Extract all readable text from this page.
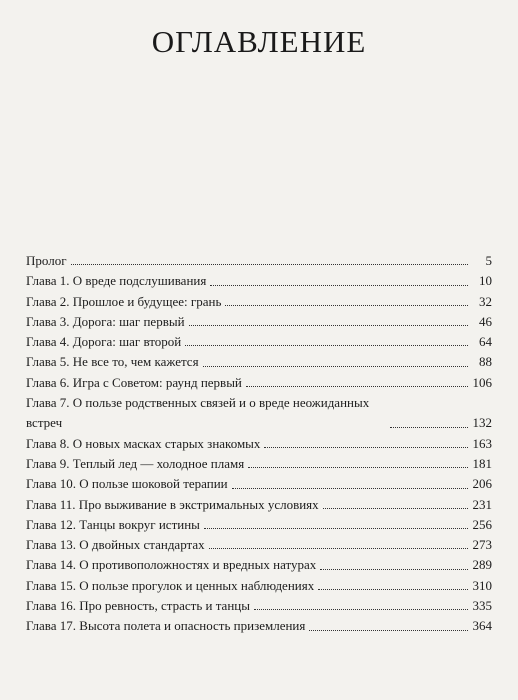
ОГЛАВЛЕНИЕ
Пролог	5
Глава 1. О вреде подслушивания	10
Глава 2. Прошлое и будущее: грань	32
Глава 3. Дорога: шаг первый	46
Глава 4. Дорога: шаг второй	64
Глава 5. Не все то, чем кажется	88
Глава 6. Игра с Советом: раунд первый	106
Глава 7. О пользе родственных связей и о вреде неожиданных встреч	132
Глава 8. О новых масках старых знакомых	163
Глава 9. Теплый лед — холодное пламя	181
Глава 10. О пользе шоковой терапии	206
Глава 11. Про выживание в экстримальных условиях	231
Глава 12. Танцы вокруг истины	256
Глава 13. О двойных стандартах	273
Глава 14. О противоположностях и вредных натурах	289
Глава 15. О пользе прогулок и ценных наблюдениях	310
Глава 16. Про ревность, страсть и танцы	335
Глава 17. Высота полета и опасность приземления	364
